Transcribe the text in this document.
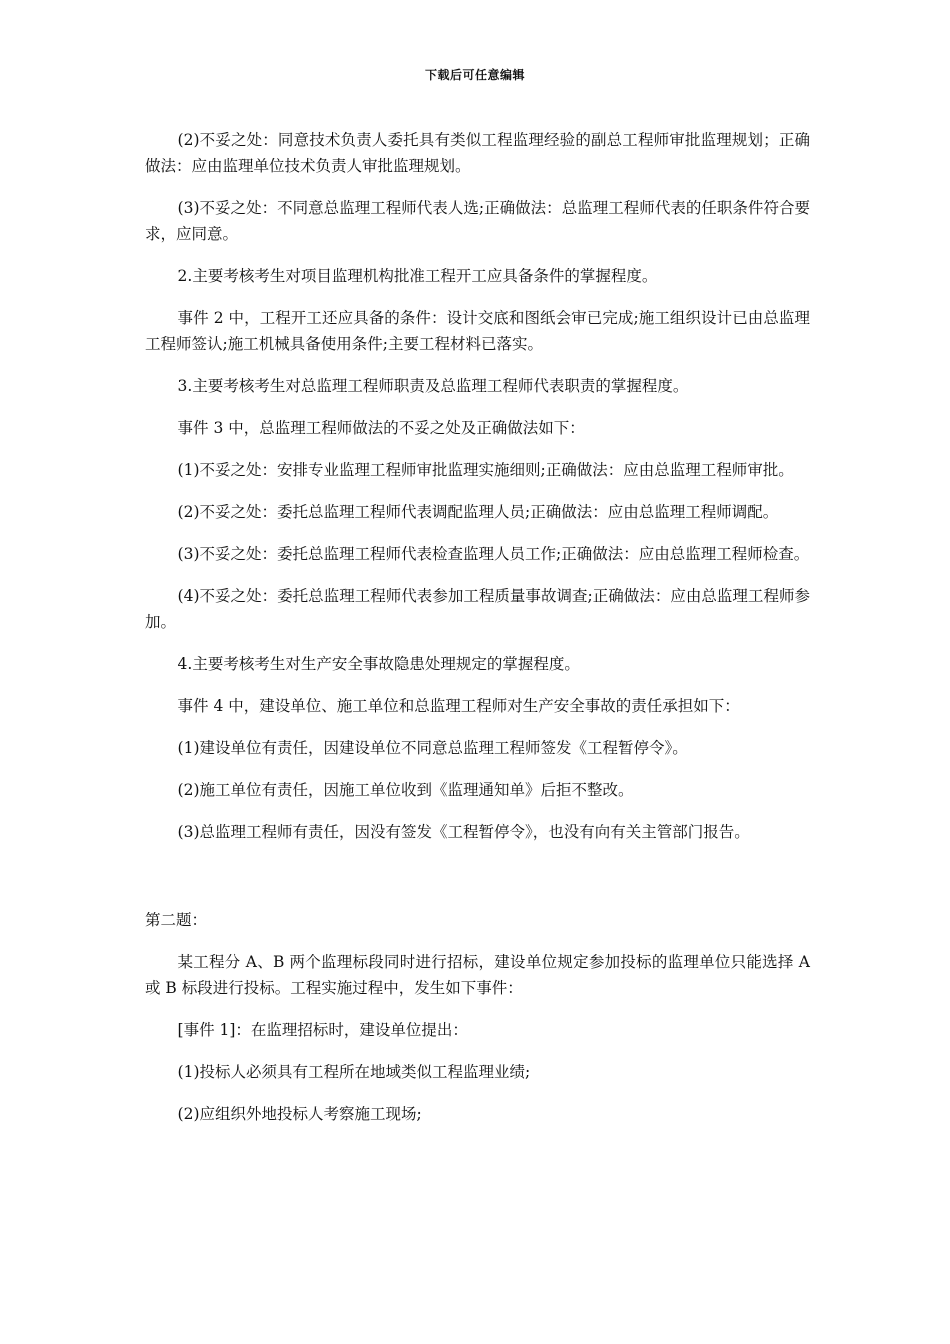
下载后可任意编辑

(2)不妥之处：同意技术负责人委托具有类似工程监理经验的副总工程师审批监理规划；正确做法：应由监理单位技术负责人审批监理规划。

(3)不妥之处：不同意总监理工程师代表人选;正确做法：总监理工程师代表的任职条件符合要求，应同意。

2.主要考核考生对项目监理机构批准工程开工应具备条件的掌握程度。

事件 2 中，工程开工还应具备的条件：设计交底和图纸会审已完成;施工组织设计已由总监理工程师签认;施工机械具备使用条件;主要工程材料已落实。

3.主要考核考生对总监理工程师职责及总监理工程师代表职责的掌握程度。

事件 3 中，总监理工程师做法的不妥之处及正确做法如下：

(1)不妥之处：安排专业监理工程师审批监理实施细则;正确做法：应由总监理工程师审批。

(2)不妥之处：委托总监理工程师代表调配监理人员;正确做法：应由总监理工程师调配。

(3)不妥之处：委托总监理工程师代表检查监理人员工作;正确做法：应由总监理工程师检查。

(4)不妥之处：委托总监理工程师代表参加工程质量事故调查;正确做法：应由总监理工程师参加。

4.主要考核考生对生产安全事故隐患处理规定的掌握程度。

事件 4 中，建设单位、施工单位和总监理工程师对生产安全事故的责任承担如下：

(1)建设单位有责任，因建设单位不同意总监理工程师签发《工程暂停令》。

(2)施工单位有责任，因施工单位收到《监理通知单》后拒不整改。

(3)总监理工程师有责任，因没有签发《工程暂停令》，也没有向有关主管部门报告。

第二题：

某工程分 A、B 两个监理标段同时进行招标，建设单位规定参加投标的监理单位只能选择 A 或 B 标段进行投标。工程实施过程中，发生如下事件：

[事件 1]：在监理招标时，建设单位提出：

(1)投标人必须具有工程所在地域类似工程监理业绩;

(2)应组织外地投标人考察施工现场;
